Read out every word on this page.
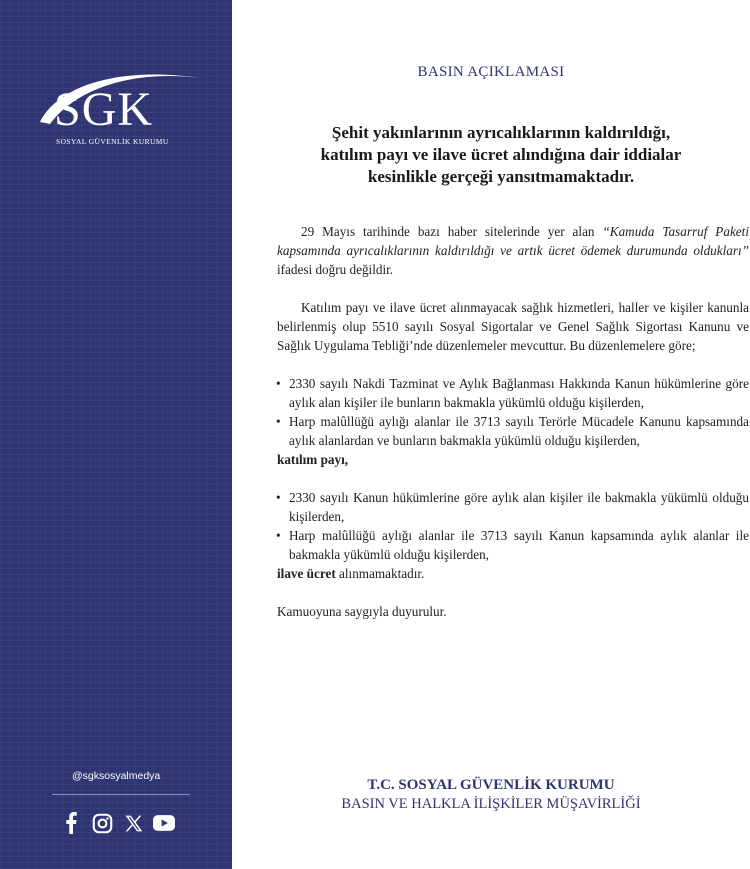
SGK
SOSYAL GÜVENLİK KURUMU
@sgksosyalmedya
BASIN AÇIKLAMASI
Şehit yakınlarının ayrıcalıklarının kaldırıldığı,
katılım payı ve ilave ücret alındığına dair iddialar
kesinlikle gerçeği yansıtmamaktadır.

29 Mayıs tarihinde bazı haber sitelerinde yer alan “Kamuda Tasarruf Paketi kapsamında ayrıcalıklarının kaldırıldığı ve artık ücret ödemek durumunda oldukları” ifadesi doğru değildir.

Katılım payı ve ilave ücret alınmayacak sağlık hizmetleri, haller ve kişiler kanunla belirlenmiş olup 5510 sayılı Sosyal Sigortalar ve Genel Sağlık Sigortası Kanunu ve Sağlık Uygulama Tebliği’nde düzenlemeler mevcuttur. Bu düzenlemelere göre;

• 2330 sayılı Nakdi Tazminat ve Aylık Bağlanması Hakkında Kanun hükümlerine göre aylık alan kişiler ile bunların bakmakla yükümlü olduğu kişilerden,
• Harp malûllüğü aylığı alanlar ile 3713 sayılı Terörle Mücadele Kanunu kapsamında aylık alanlardan ve bunların bakmakla yükümlü olduğu kişilerden,

katılım payı,

• 2330 sayılı Kanun hükümlerine göre aylık alan kişiler ile bakmakla yükümlü olduğu kişilerden,
• Harp malûllüğü aylığı alanlar ile 3713 sayılı Kanun kapsamında aylık alanlar ile bakmakla yükümlü olduğu kişilerden,

ilave ücret alınmamaktadır.

Kamuoyuna saygıyla duyurulur.

T.C. SOSYAL GÜVENLİK KURUMU
BASIN VE HALKLA İLİŞKİLER MÜŞAVİRLİĞİ
